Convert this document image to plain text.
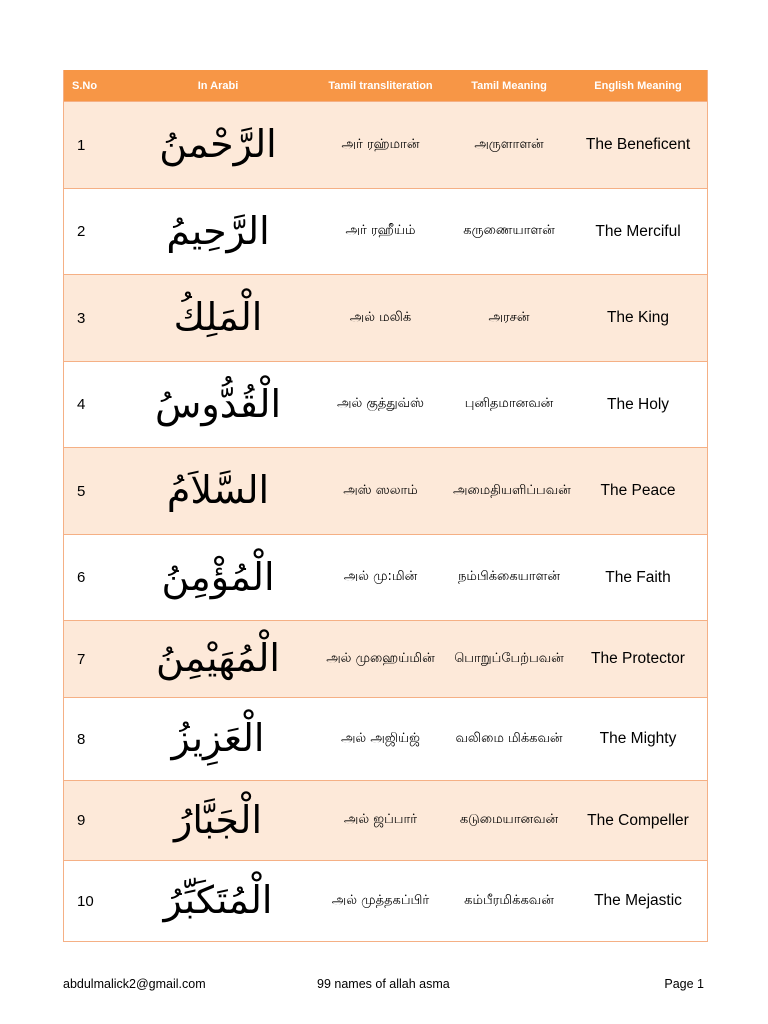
S.No	In Arabi	Tamil transliteration	Tamil Meaning	English Meaning
1	الرَّحْمنُ	அர் ரஹ்மான்	அருளாளன்	The Beneficent
2	الرَّحِيمُ	அர் ரஹீய்ம்	கருணையாளன்	The Merciful
3	الْمَلِكُ	அல் மலிக்	அரசன்	The King
4	الْقُدُّوسُ	அல் குத்துவ்ஸ்	புனிதமானவன்	The Holy
5	السَّلاَمُ	அஸ் ஸலாம்	அமைதியளிப்பவன்	The Peace
6	الْمُؤْمِنُ	அல் மு:மின்	நம்பிக்கையாளன்	The Faith
7	الْمُهَيْمِنُ	அல் முஹைய்மின்	பொறுப்பேற்பவன்	The Protector
8	الْعَزِيزُ	அல் அஜிய்ஜ்	வலிமை மிக்கவன்	The Mighty
9	الْجَبَّارُ	அல் ஜப்பார்	கடுமையானவன்	The Compeller
10	الْمُتَكَبِّرُ	அல் முத்தகப்பிர்	கம்பீரமிக்கவன்	The Mejastic
abdulmalick2@gmail.com	99 names of allah asma	Page 1
